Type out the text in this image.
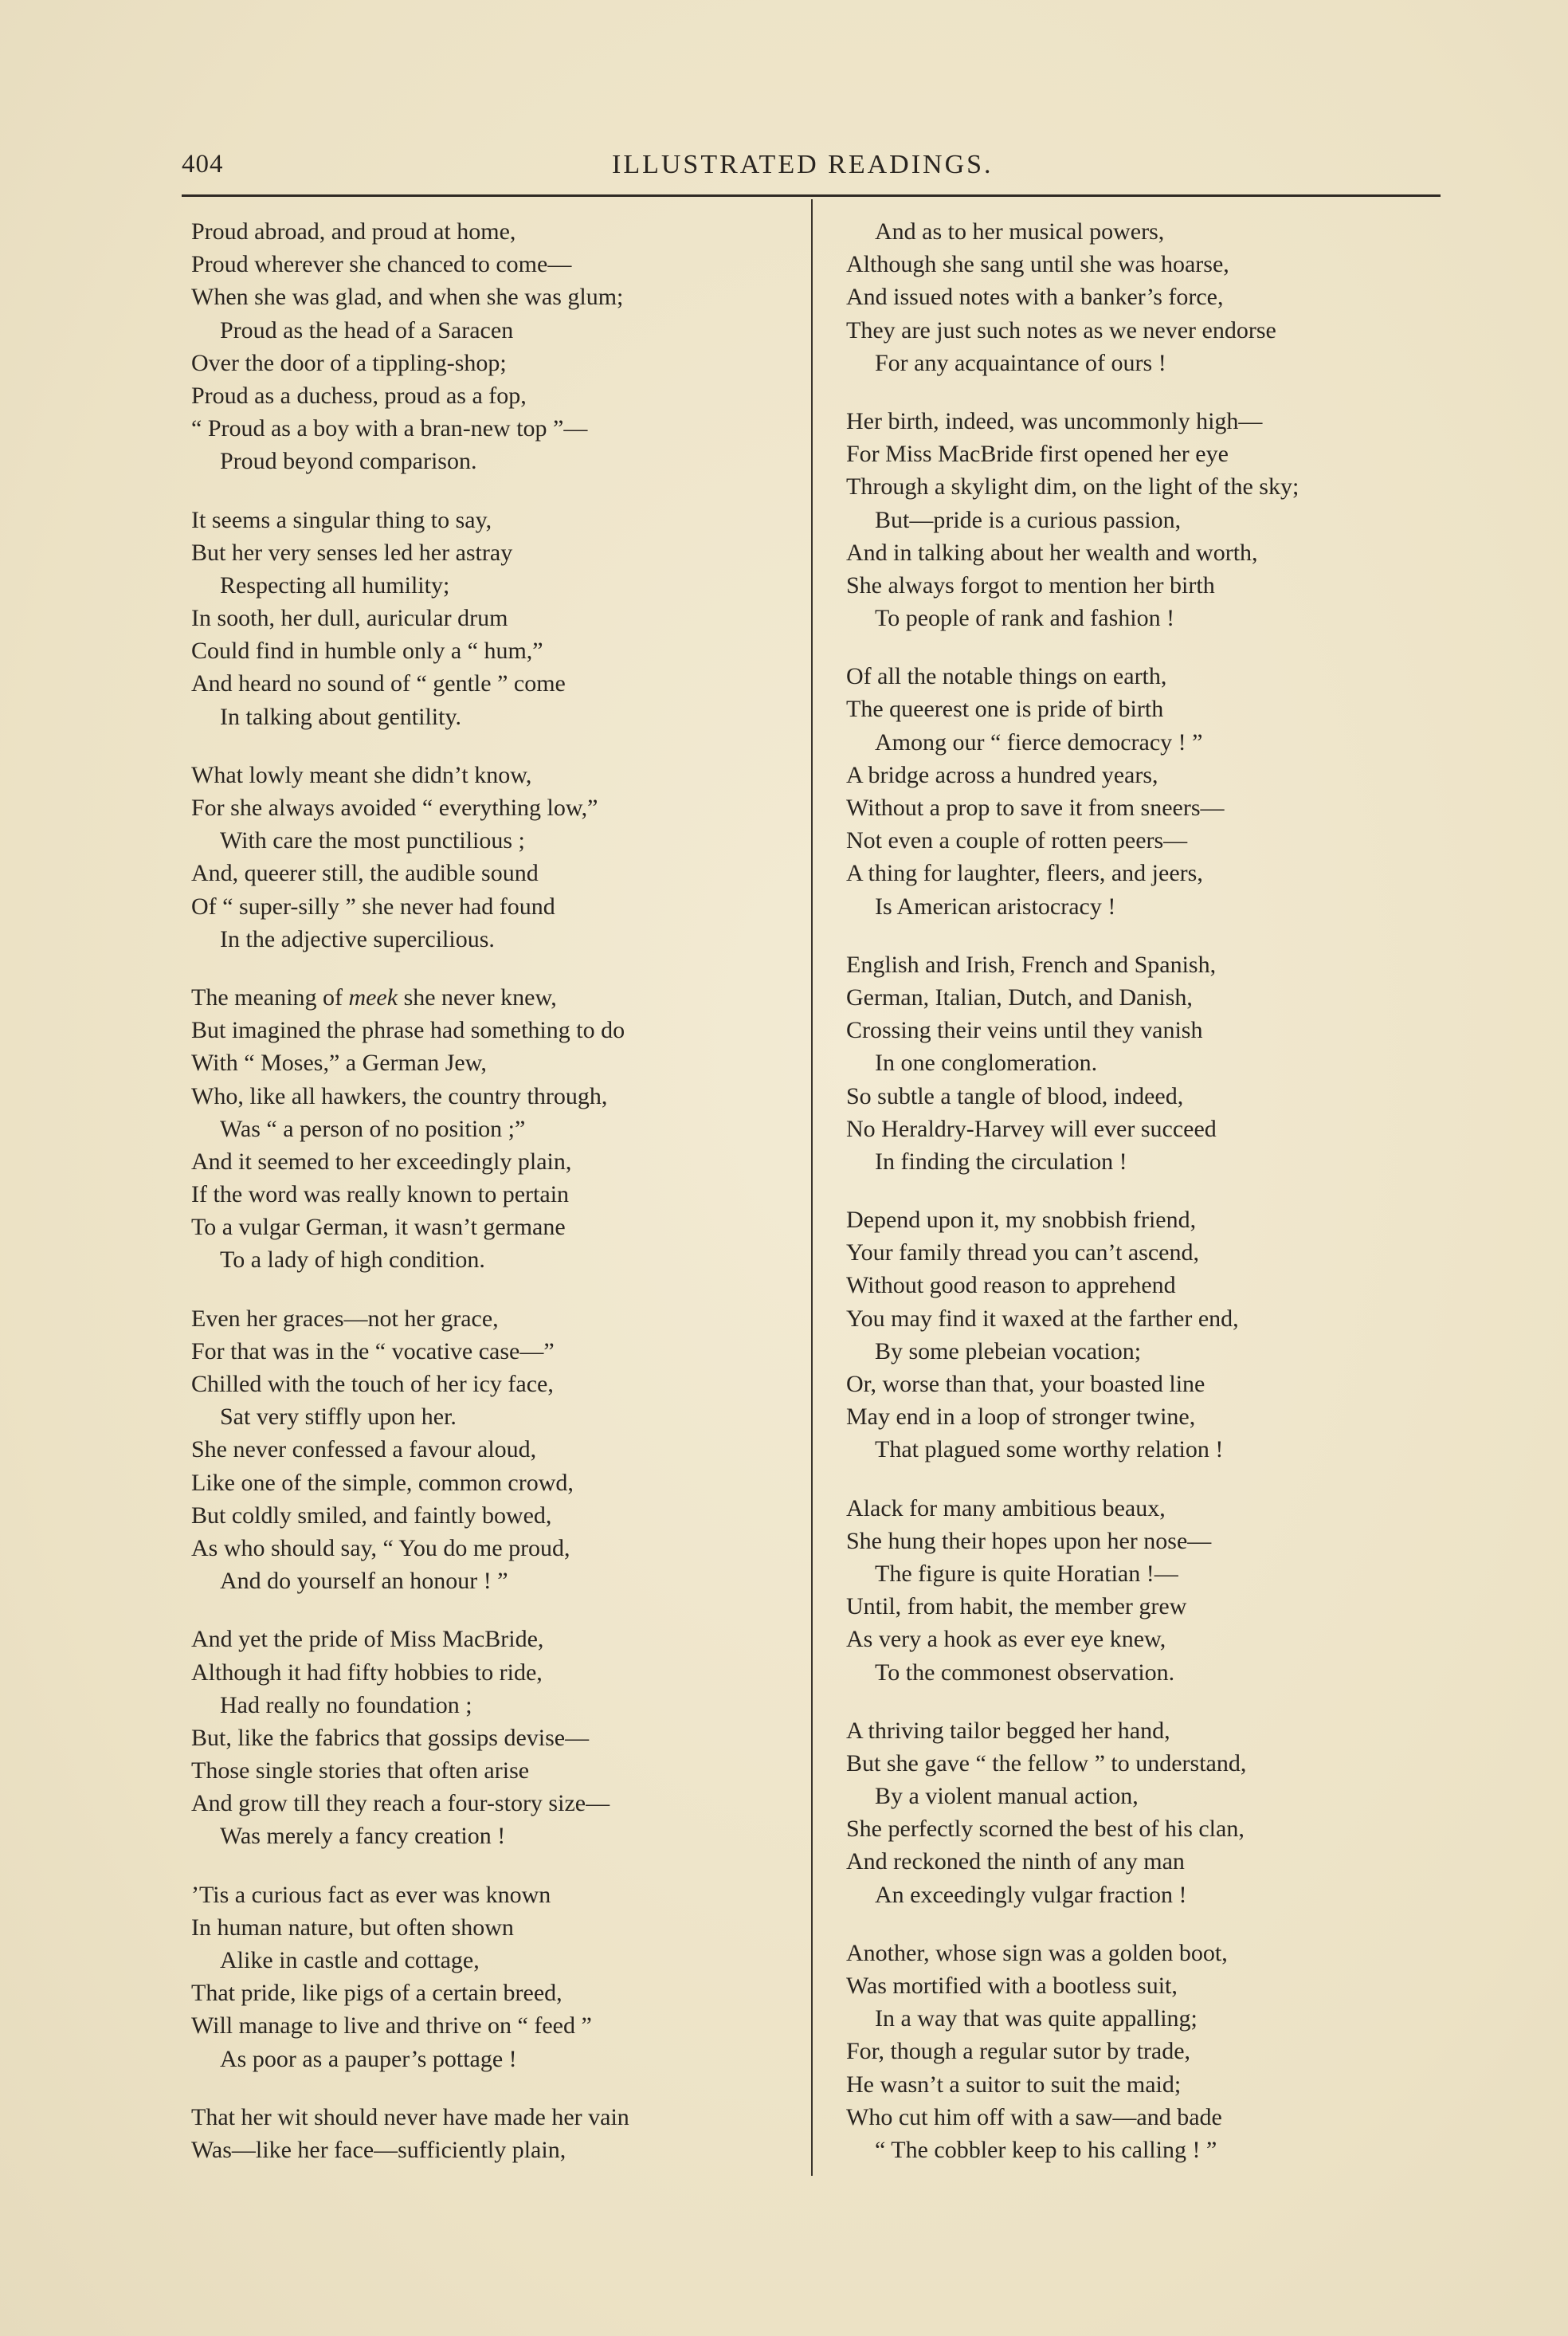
404	ILLUSTRATED READINGS.
Proud abroad, and proud at home,
Proud wherever she chanced to come—
When she was glad, and when she was glum;
Proud as the head of a Saracen
Over the door of a tippling-shop;
Proud as a duchess, proud as a fop,
“ Proud as a boy with a bran-new top ”—
Proud beyond comparison.
It seems a singular thing to say,
But her very senses led her astray
Respecting all humility;
In sooth, her dull, auricular drum
Could find in humble only a “ hum,”
And heard no sound of “ gentle ” come
In talking about gentility.
What lowly meant she didn’t know,
For she always avoided “ everything low,”
With care the most punctilious ;
And, queerer still, the audible sound
Of “ super-silly ” she never had found
In the adjective supercilious.
The meaning of meek she never knew,
But imagined the phrase had something to do
With “ Moses,” a German Jew,
Who, like all hawkers, the country through,
Was “ a person of no position ;”
And it seemed to her exceedingly plain,
If the word was really known to pertain
To a vulgar German, it wasn’t germane
To a lady of high condition.
Even her graces—not her grace,
For that was in the “ vocative case—”
Chilled with the touch of her icy face,
Sat very stiffly upon her.
She never confessed a favour aloud,
Like one of the simple, common crowd,
But coldly smiled, and faintly bowed,
As who should say, “ You do me proud,
And do yourself an honour ! ”
And yet the pride of Miss MacBride,
Although it had fifty hobbies to ride,
Had really no foundation ;
But, like the fabrics that gossips devise—
Those single stories that often arise
And grow till they reach a four-story size—
Was merely a fancy creation !
’Tis a curious fact as ever was known
In human nature, but often shown
Alike in castle and cottage,
That pride, like pigs of a certain breed,
Will manage to live and thrive on “ feed ”
As poor as a pauper’s pottage !
That her wit should never have made her vain
Was—like her face—sufficiently plain,
And as to her musical powers,
Although she sang until she was hoarse,
And issued notes with a banker’s force,
They are just such notes as we never endorse
For any acquaintance of ours !
Her birth, indeed, was uncommonly high—
For Miss MacBride first opened her eye
Through a skylight dim, on the light of the sky;
But—pride is a curious passion,
And in talking about her wealth and worth,
She always forgot to mention her birth
To people of rank and fashion !
Of all the notable things on earth,
The queerest one is pride of birth
Among our “ fierce democracy ! ”
A bridge across a hundred years,
Without a prop to save it from sneers—
Not even a couple of rotten peers—
A thing for laughter, fleers, and jeers,
Is American aristocracy !
English and Irish, French and Spanish,
German, Italian, Dutch, and Danish,
Crossing their veins until they vanish
In one conglomeration.
So subtle a tangle of blood, indeed,
No Heraldry-Harvey will ever succeed
In finding the circulation !
Depend upon it, my snobbish friend,
Your family thread you can’t ascend,
Without good reason to apprehend
You may find it waxed at the farther end,
By some plebeian vocation;
Or, worse than that, your boasted line
May end in a loop of stronger twine,
That plagued some worthy relation !
Alack for many ambitious beaux,
She hung their hopes upon her nose—
The figure is quite Horatian !—
Until, from habit, the member grew
As very a hook as ever eye knew,
To the commonest observation.
A thriving tailor begged her hand,
But she gave “ the fellow ” to understand,
By a violent manual action,
She perfectly scorned the best of his clan,
And reckoned the ninth of any man
An exceedingly vulgar fraction !
Another, whose sign was a golden boot,
Was mortified with a bootless suit,
In a way that was quite appalling;
For, though a regular sutor by trade,
He wasn’t a suitor to suit the maid;
Who cut him off with a saw—and bade
“ The cobbler keep to his calling ! ”
